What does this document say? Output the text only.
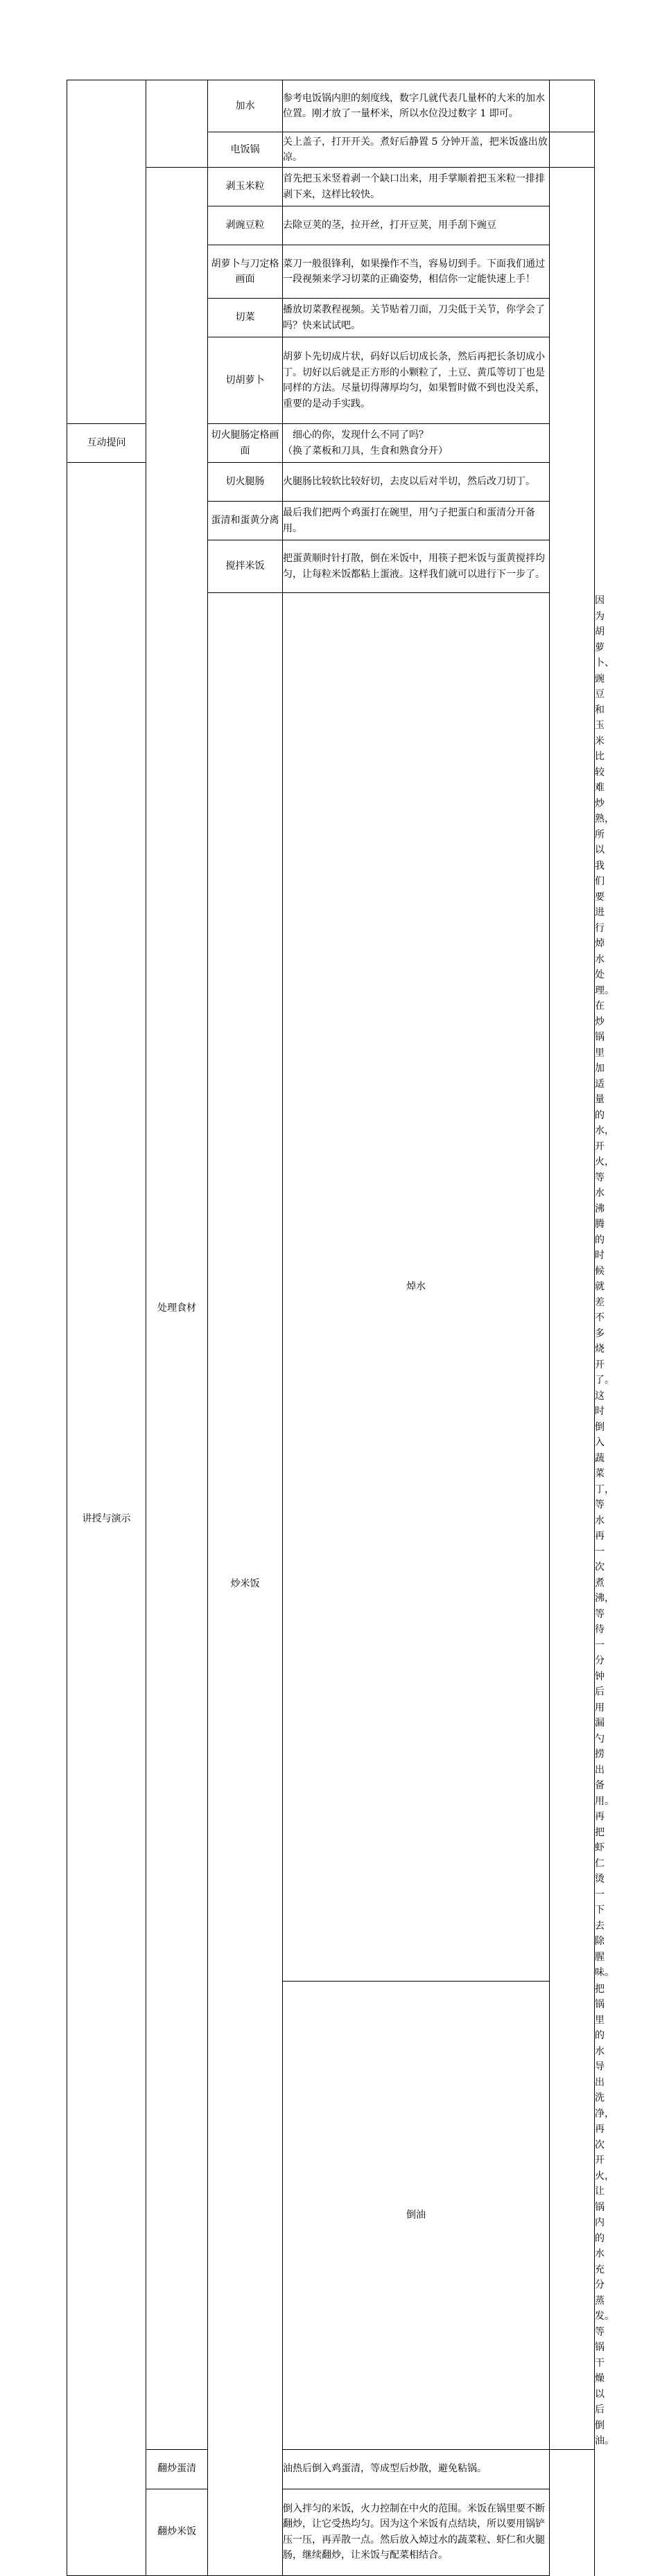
		加水	参考电饭锅内胆的刻度线，数字几就代表几量杯的大米的加水位置。刚才放了一量杯米，所以水位没过数字 1 即可。		
		电饭锅	关上盖子，打开开关。煮好后静置 5 分钟开盖，把米饭盛出放凉。		
	处理食材	剥玉米粒	首先把玉米竖着剥一个缺口出来，用手掌顺着把玉米粒一排排剥下来，这样比较快。		
		剥豌豆粒	去除豆荚的茎，拉开丝，打开豆荚，用手刮下豌豆		
		胡萝卜与刀定格画面	菜刀一般很锋利，如果操作不当，容易切到手。下面我们通过一段视频来学习切菜的正确姿势，相信你一定能快速上手！		
		切菜	播放切菜教程视频。关节贴着刀面，刀尖低于关节，你学会了吗？快来试试吧。		
		切胡萝卜	胡萝卜先切成片状，码好以后切成长条，然后再把长条切成小丁。切好以后就是正方形的小颗粒了，土豆、黄瓜等切丁也是同样的方法。尽量切得薄厚均匀，如果暂时做不到也没关系，重要的是动手实践。		
互动提问		切火腿肠定格画面	细心的你，发现什么不同了吗？
（换了菜板和刀具，生食和熟食分开）		

讲授与演示		切火腿肠	火腿肠比较软比较好切，去皮以后对半切，然后改刀切丁。		
		蛋清和蛋黄分离	最后我们把两个鸡蛋打在碗里，用勺子把蛋白和蛋清分开备用。		
		搅拌米饭	把蛋黄顺时针打散，倒在米饭中，用筷子把米饭与蛋黄搅拌均匀，让每粒米饭都粘上蛋液。这样我们就可以进行下一步了。		
		炒米饭	焯水		因为胡萝卜、豌豆和玉米比较难炒熟，所以我们要进行焯水处理。在炒锅里加适量的水，开火，等水沸腾的时候就差不多烧开了。这时倒入蔬菜丁，等水再一次煮沸，等待一分钟后用漏勺捞出备用。再把虾仁烫一下去除腥味。	
			倒油		把锅里的水导出洗净，再次开火，让锅内的水充分蒸发。等锅干燥以后倒油。
	翻炒蛋清		油热后倒入鸡蛋清，等成型后炒散，避免粘锅。		
	翻炒米饭		倒入拌匀的米饭，火力控制在中火的范围。米饭在锅里要不断翻炒，让它受热均匀。因为这个米饭有点结块，所以要用锅铲压一压，再弄散一点。然后放入焯过水的蔬菜粒、虾仁和火腿肠，继续翻炒，让米饭与配菜相结合。		
